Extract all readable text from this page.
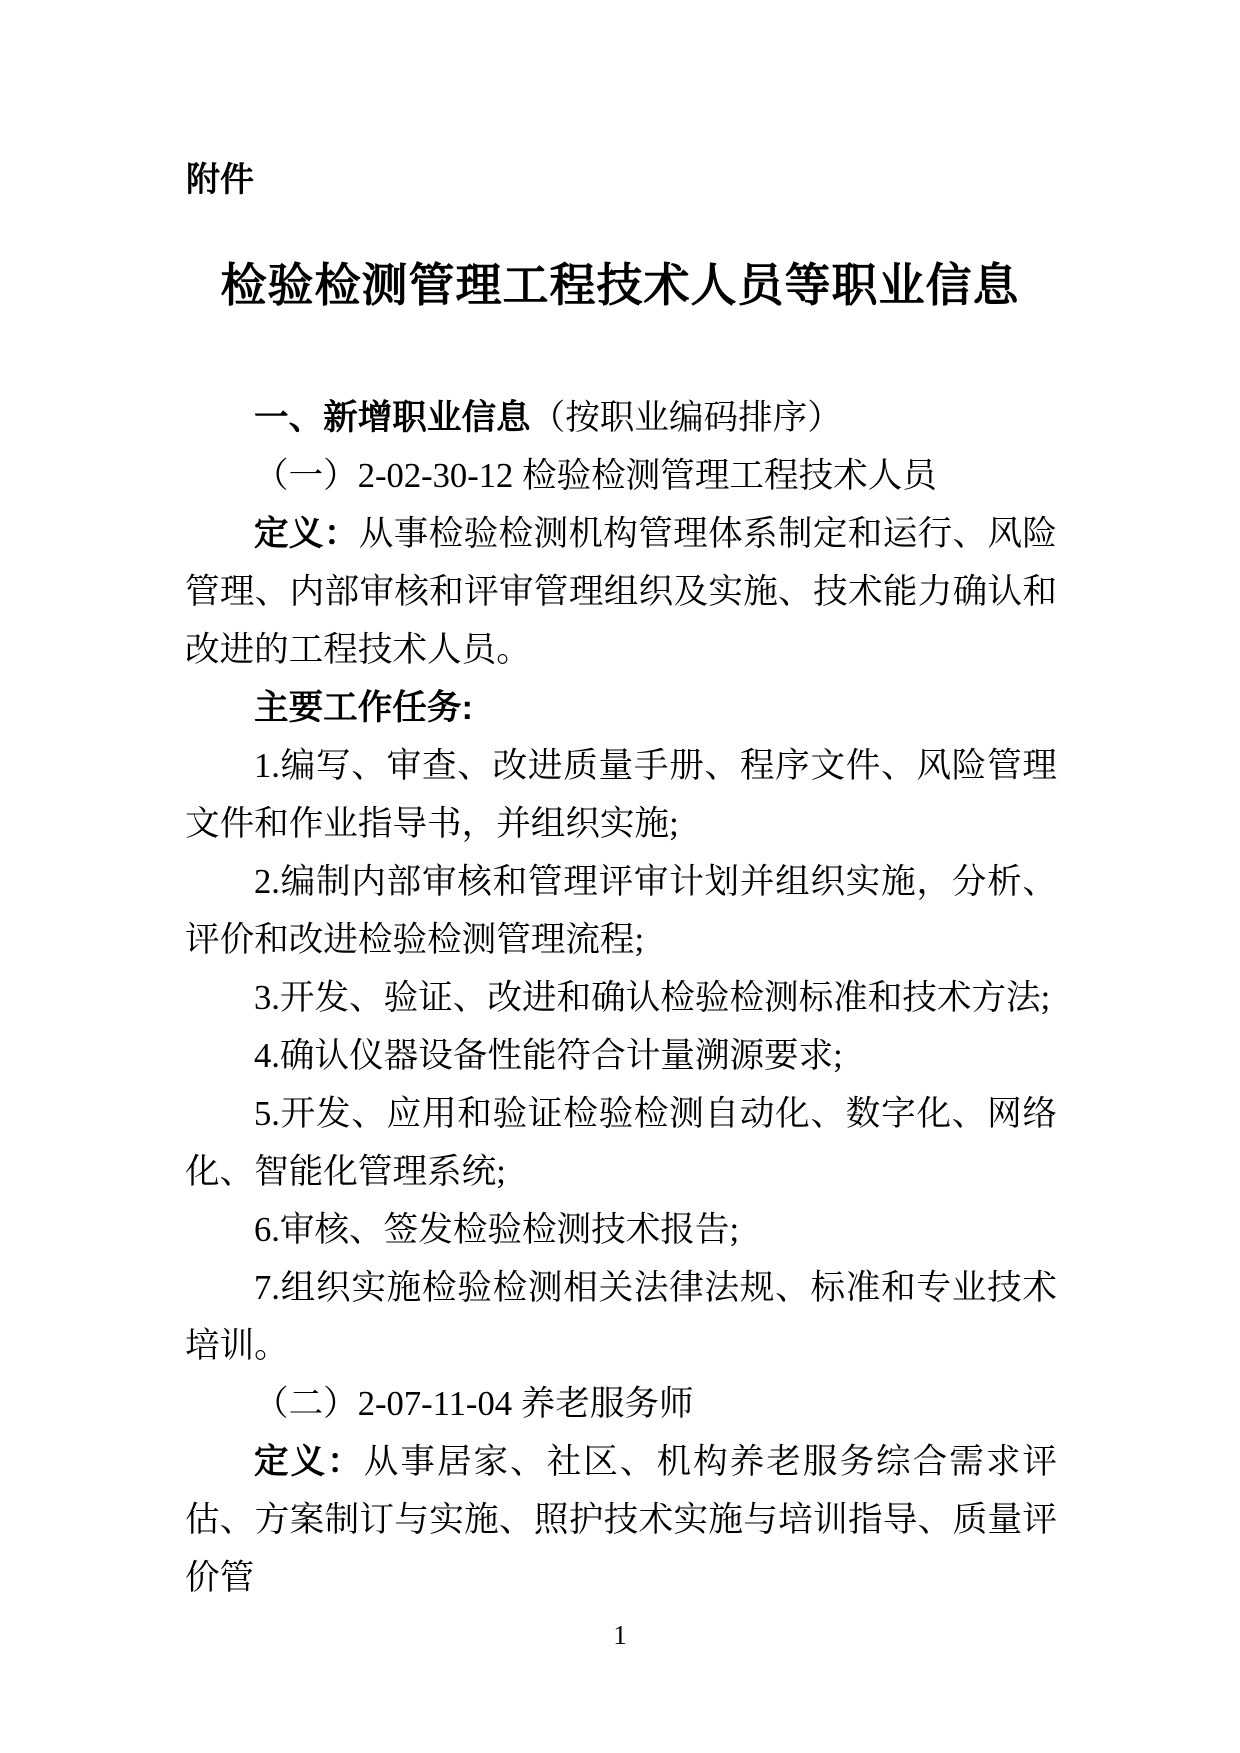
附件
检验检测管理工程技术人员等职业信息

一、新增职业信息（按职业编码排序）

（一）2-02-30-12 检验检测管理工程技术人员

定义：从事检验检测机构管理体系制定和运行、风险管理、内部审核和评审管理组织及实施、技术能力确认和改进的工程技术人员。

主要工作任务:

1.编写、审查、改进质量手册、程序文件、风险管理文件和作业指导书，并组织实施;

2.编制内部审核和管理评审计划并组织实施，分析、评价和改进检验检测管理流程;

3.开发、验证、改进和确认检验检测标准和技术方法;

4.确认仪器设备性能符合计量溯源要求;

5.开发、应用和验证检验检测自动化、数字化、网络化、智能化管理系统;

6.审核、签发检验检测技术报告;

7.组织实施检验检测相关法律法规、标准和专业技术培训。

（二）2-07-11-04 养老服务师

定义：从事居家、社区、机构养老服务综合需求评估、方案制订与实施、照护技术实施与培训指导、质量评价管

1
